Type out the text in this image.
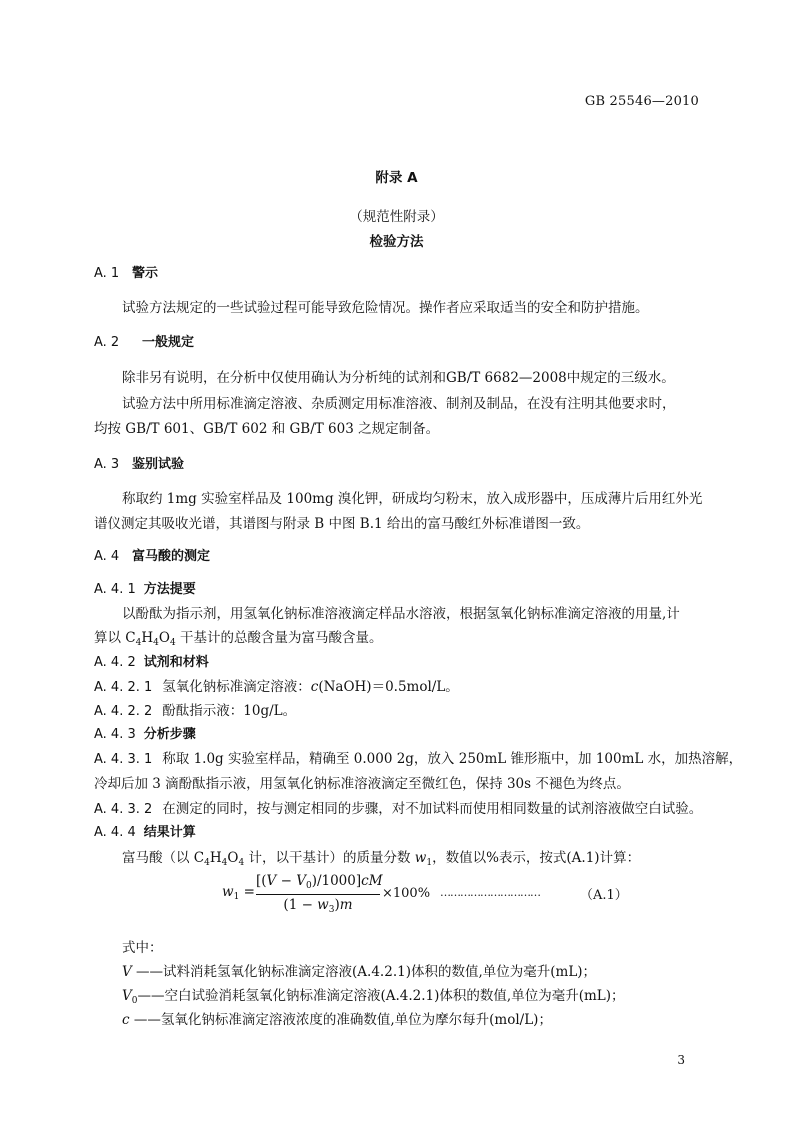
GB 25546—2010
附录 A
（规范性附录）
检验方法
A. 1 警示
试验方法规定的一些试验过程可能导致危险情况。操作者应采取适当的安全和防护措施。
A. 2 一般规定
除非另有说明，在分析中仅使用确认为分析纯的试剂和GB/T 6682—2008中规定的三级水。
试验方法中所用标准滴定溶液、杂质测定用标准溶液、制剂及制品，在没有注明其他要求时，
均按 GB/T 601、GB/T 602 和 GB/T 603 之规定制备。
A. 3 鉴别试验
称取约 1mg 实验室样品及 100mg 溴化钾，研成均匀粉末，放入成形器中，压成薄片后用红外光
谱仪测定其吸收光谱，其谱图与附录 B 中图 B.1 给出的富马酸红外标准谱图一致。
A. 4 富马酸的测定
A. 4. 1 方法提要
以酚酞为指示剂，用氢氧化钠标准溶液滴定样品水溶液，根据氢氧化钠标准滴定溶液的用量,计
算以 $C_4H_4O_4$ 干基计的总酸含量为富马酸含量。
A. 4. 2 试剂和材料
A. 4. 2. 1 氢氧化钠标准滴定溶液：c(NaOH)＝0.5mol/L。
A. 4. 2. 2 酚酞指示液：10g/L。
A. 4. 3 分析步骤
A. 4. 3. 1 称取 1.0g 实验室样品，精确至 0.000 2g，放入 250mL 锥形瓶中，加 100mL 水，加热溶解，
冷却后加 3 滴酚酞指示液，用氢氧化钠标准溶液滴定至微红色，保持 30s 不褪色为终点。
A. 4. 3. 2 在测定的同时，按与测定相同的步骤，对不加试料而使用相同数量的试剂溶液做空白试验。
A. 4. 4 结果计算
富马酸（以 $C_4H_4O_4$ 计，以干基计）的质量分数 $w_1$，数值以%表示，按式(A.1)计算：
$w_1$ =
$[(V - V_0)/1000]cM$
$(1 - w_3)m$
×100% …………………………	（A.1）
式中：
V ——试料消耗氢氧化钠标准滴定溶液(A.4.2.1)体积的数值,单位为毫升(mL)；
$V_0——$空白试验消耗氢氧化钠标准滴定溶液(A.4.2.1)体积的数值,单位为毫升(mL)；
c ——氢氧化钠标准滴定溶液浓度的准确数值,单位为摩尔每升(mol/L)；
3
